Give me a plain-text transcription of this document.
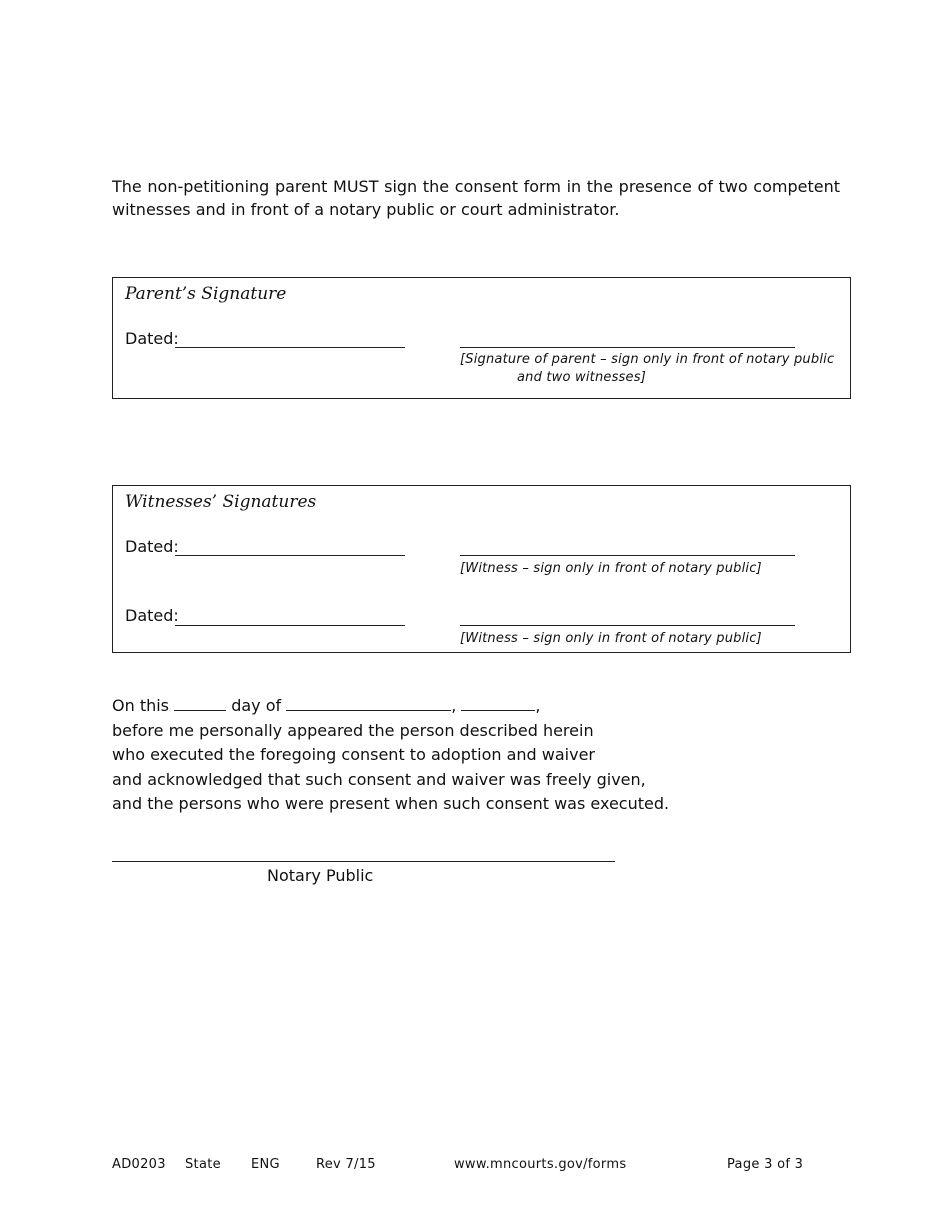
The non-petitioning parent MUST sign the consent form in the presence of two competent witnesses and in front of a notary public or court administrator.

Parent’s Signature
Dated:
[Signature of parent – sign only in front of notary public
and two witnesses]
Witnesses’ Signatures
Dated:
[Witness – sign only in front of notary public]
Dated:
[Witness – sign only in front of notary public]
On this	day of	,	,
before me personally appeared the person described herein
who executed the foregoing consent to adoption and waiver
and acknowledged that such consent and waiver was freely given,
and the persons who were present when such consent was executed.
Notary Public
AD0203 State ENG	Rev 7/15	www.mncourts.gov/forms	Page 3 of 3
